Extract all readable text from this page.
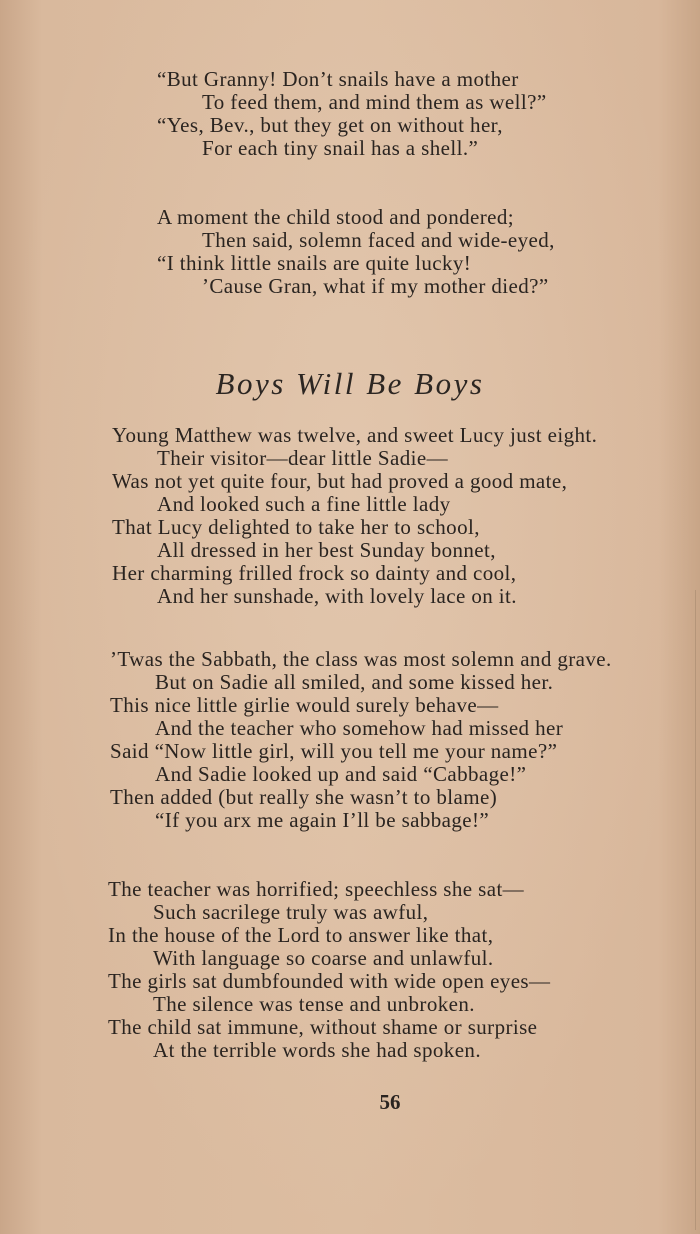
“But Granny! Don’t snails have a mother
To feed them, and mind them as well?”
“Yes, Bev., but they get on without her,
For each tiny snail has a shell.”
A moment the child stood and pondered;
Then said, solemn faced and wide-eyed,
“I think little snails are quite lucky!
’Cause Gran, what if my mother died?”
Boys Will Be Boys
Young Matthew was twelve, and sweet Lucy just eight.
Their visitor—dear little Sadie—
Was not yet quite four, but had proved a good mate,
And looked such a fine little lady
That Lucy delighted to take her to school,
All dressed in her best Sunday bonnet,
Her charming frilled frock so dainty and cool,
And her sunshade, with lovely lace on it.
’Twas the Sabbath, the class was most solemn and grave.
But on Sadie all smiled, and some kissed her.
This nice little girlie would surely behave—
And the teacher who somehow had missed her
Said “Now little girl, will you tell me your name?”
And Sadie looked up and said “Cabbage!”
Then added (but really she wasn’t to blame)
“If you arx me again I’ll be sabbage!”
The teacher was horrified; speechless she sat—
Such sacrilege truly was awful,
In the house of the Lord to answer like that,
With language so coarse and unlawful.
The girls sat dumbfounded with wide open eyes—
The silence was tense and unbroken.
The child sat immune, without shame or surprise
At the terrible words she had spoken.
56
